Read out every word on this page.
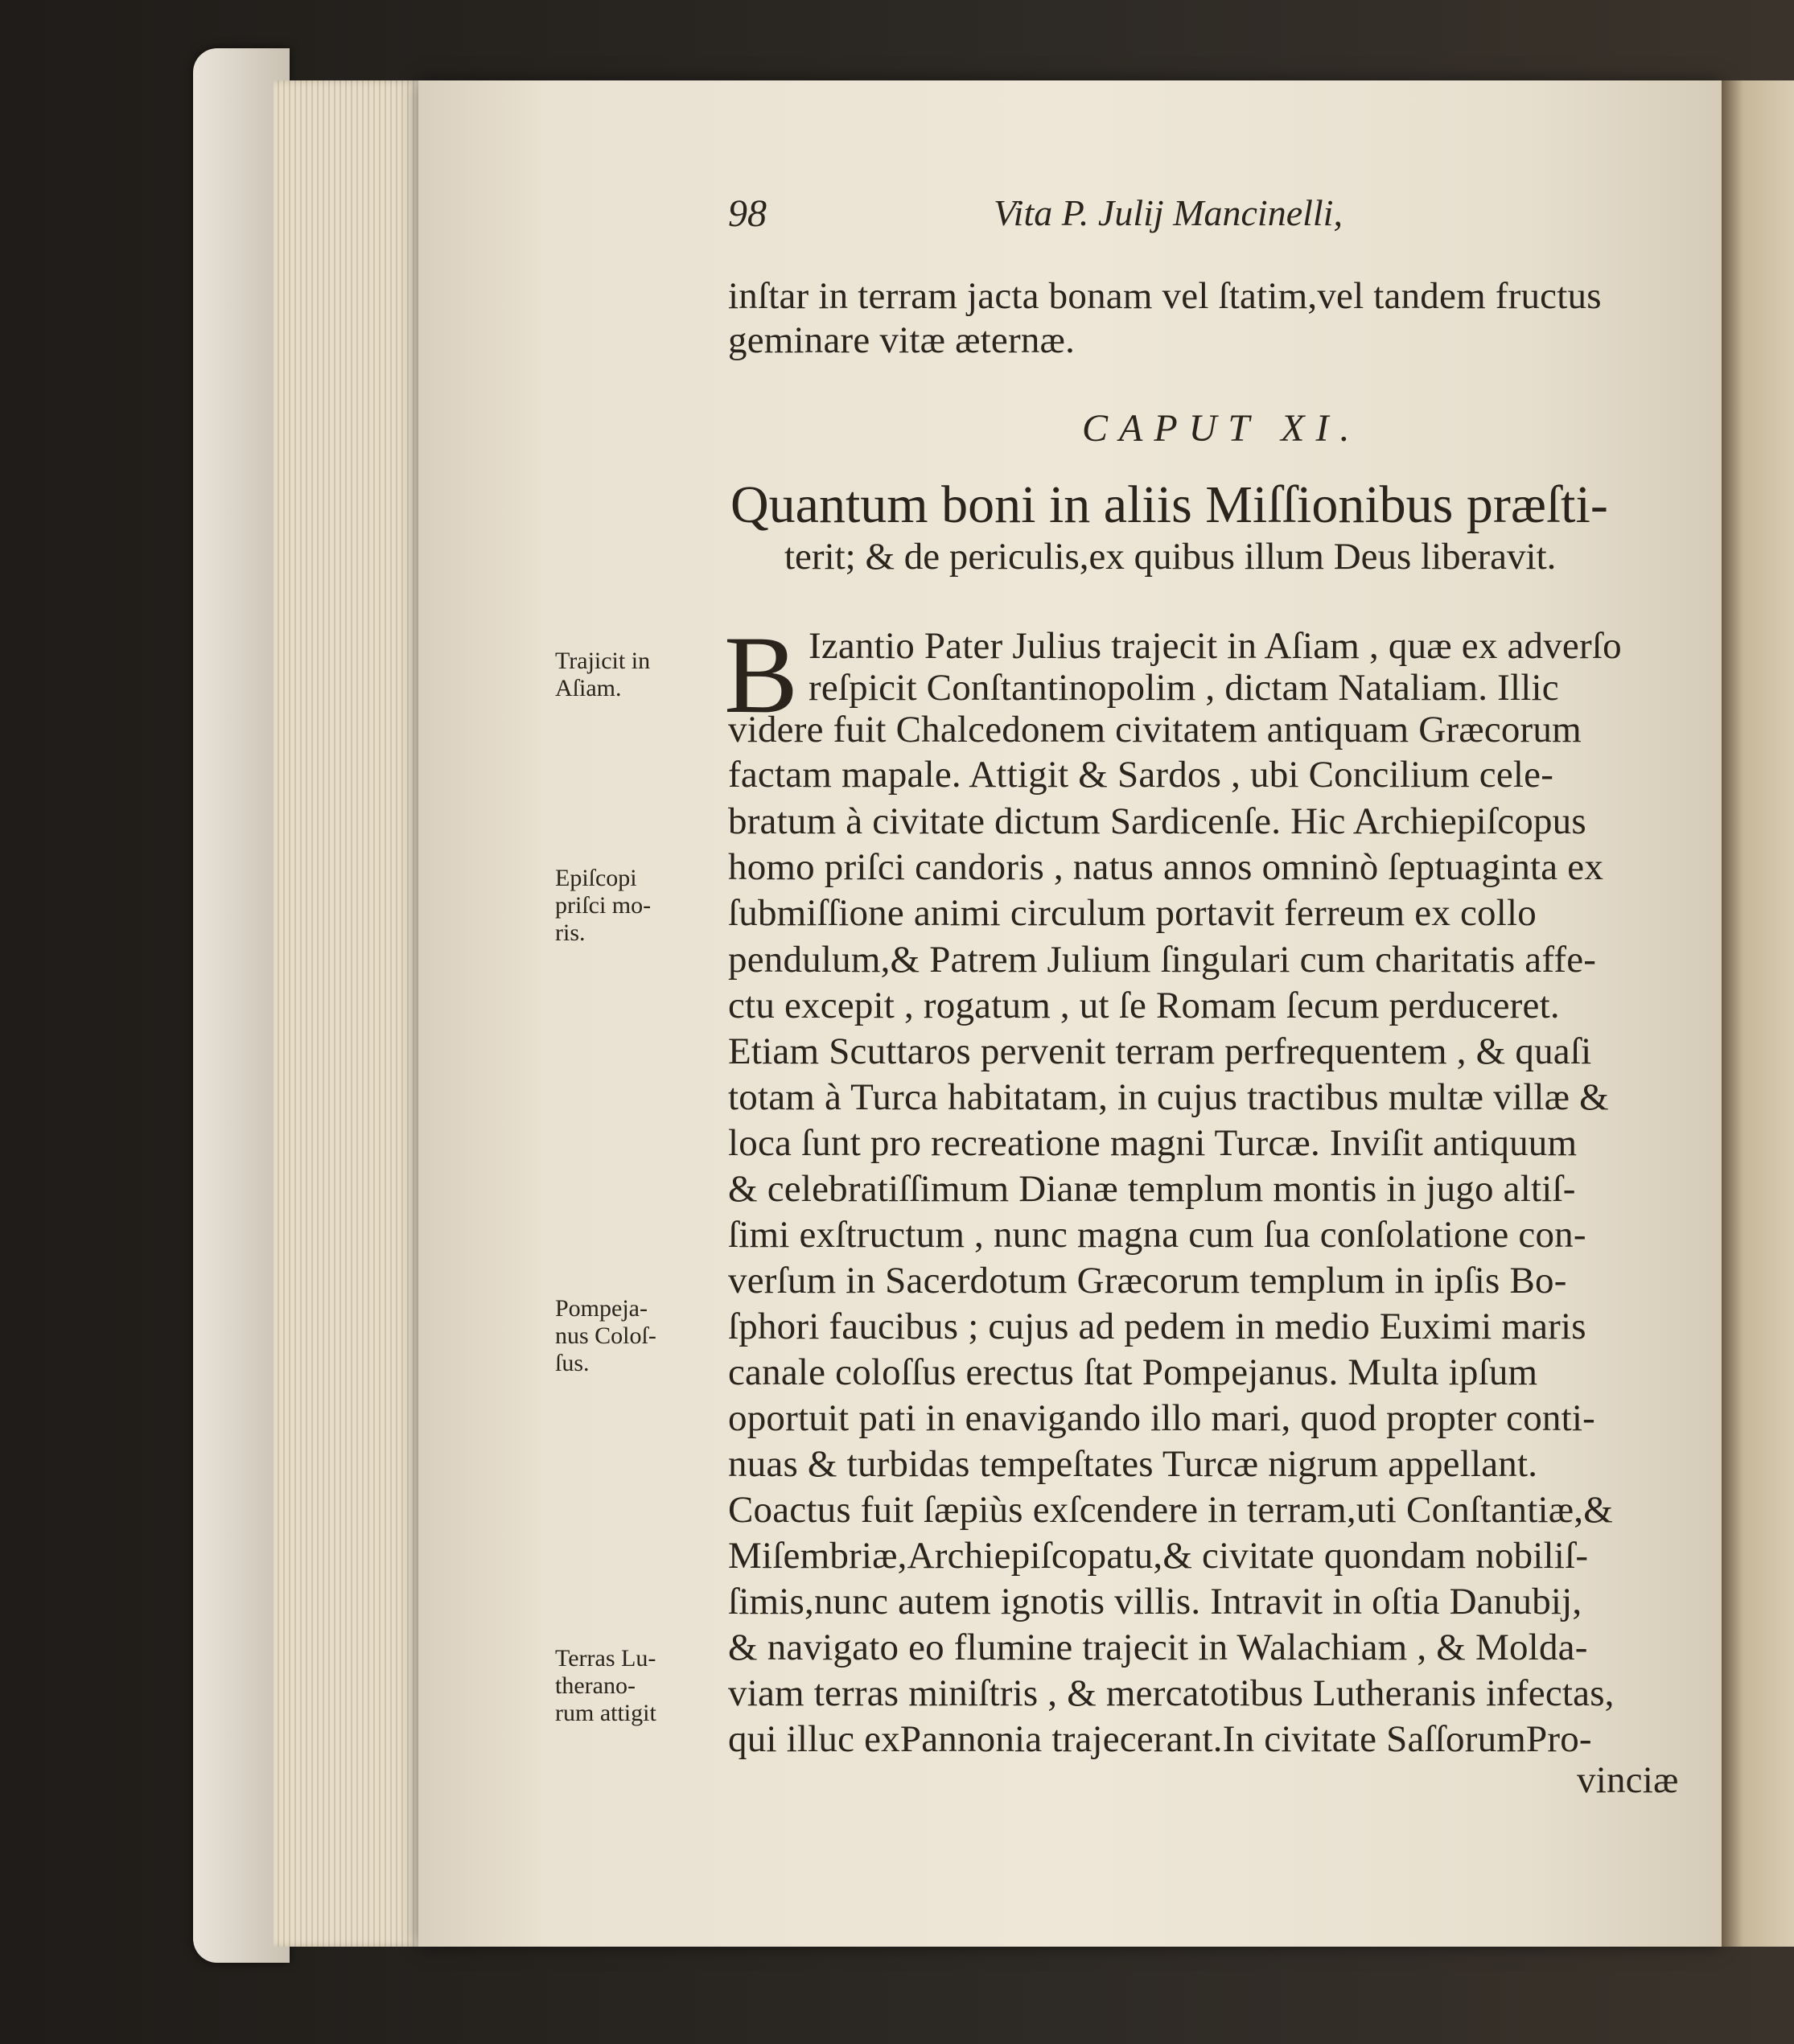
98	Vita P. Julij Mancinelli,
inſtar in terram jacta bonam vel ſtatim,vel tandem fructus
geminare vitæ æternæ.
CAPUT XI.
Quantum boni in aliis Miſſionibus præſti-
terit; & de periculis,ex quibus illum Deus liberavit.
B Izantio Pater Julius trajecit in Aſiam , quæ ex adverſo
reſpicit Conſtantinopolim , dictam Nataliam. Illic
videre fuit Chalcedonem civitatem antiquam Græcorum
factam mapale. Attigit & Sardos , ubi Concilium cele-
bratum à civitate dictum Sardicenſe. Hic Archiepiſcopus
homo priſci candoris , natus annos omninò ſeptuaginta ex
ſubmiſſione animi circulum portavit ferreum ex collo
pendulum,& Patrem Julium ſingulari cum charitatis affe-
ctu excepit , rogatum , ut ſe Romam ſecum perduceret.
Etiam Scuttaros pervenit terram perfrequentem , & quaſi
totam à Turca habitatam, in cujus tractibus multæ villæ &
loca ſunt pro recreatione magni Turcæ. Inviſit antiquum
& celebratiſſimum Dianæ templum montis in jugo altiſ-
ſimi exſtructum , nunc magna cum ſua conſolatione con-
verſum in Sacerdotum Græcorum templum in ipſis Bo-
ſphori faucibus ; cujus ad pedem in medio Euximi maris
canale coloſſus erectus ſtat Pompejanus. Multa ipſum
oportuit pati in enavigando illo mari, quod propter conti-
nuas & turbidas tempeſtates Turcæ nigrum appellant.
Coactus fuit ſæpiùs exſcendere in terram,uti Conſtantiæ,&
Miſembriæ,Archiepiſcopatu,& civitate quondam nobiliſ-
ſimis,nunc autem ignotis villis. Intravit in oſtia Danubij,
& navigato eo flumine trajecit in Walachiam , & Molda-
viam terras miniſtris , & mercatotibus Lutheranis infectas,
qui illuc exPannonia trajecerant.In civitate SaſſorumPro-
vinciæ
Trajicit in
Aſiam.
Epiſcopi
priſci mo-
ris.
Pompeja-
nus Coloſ-
ſus.
Terras Lu-
therano-
rum attigit
